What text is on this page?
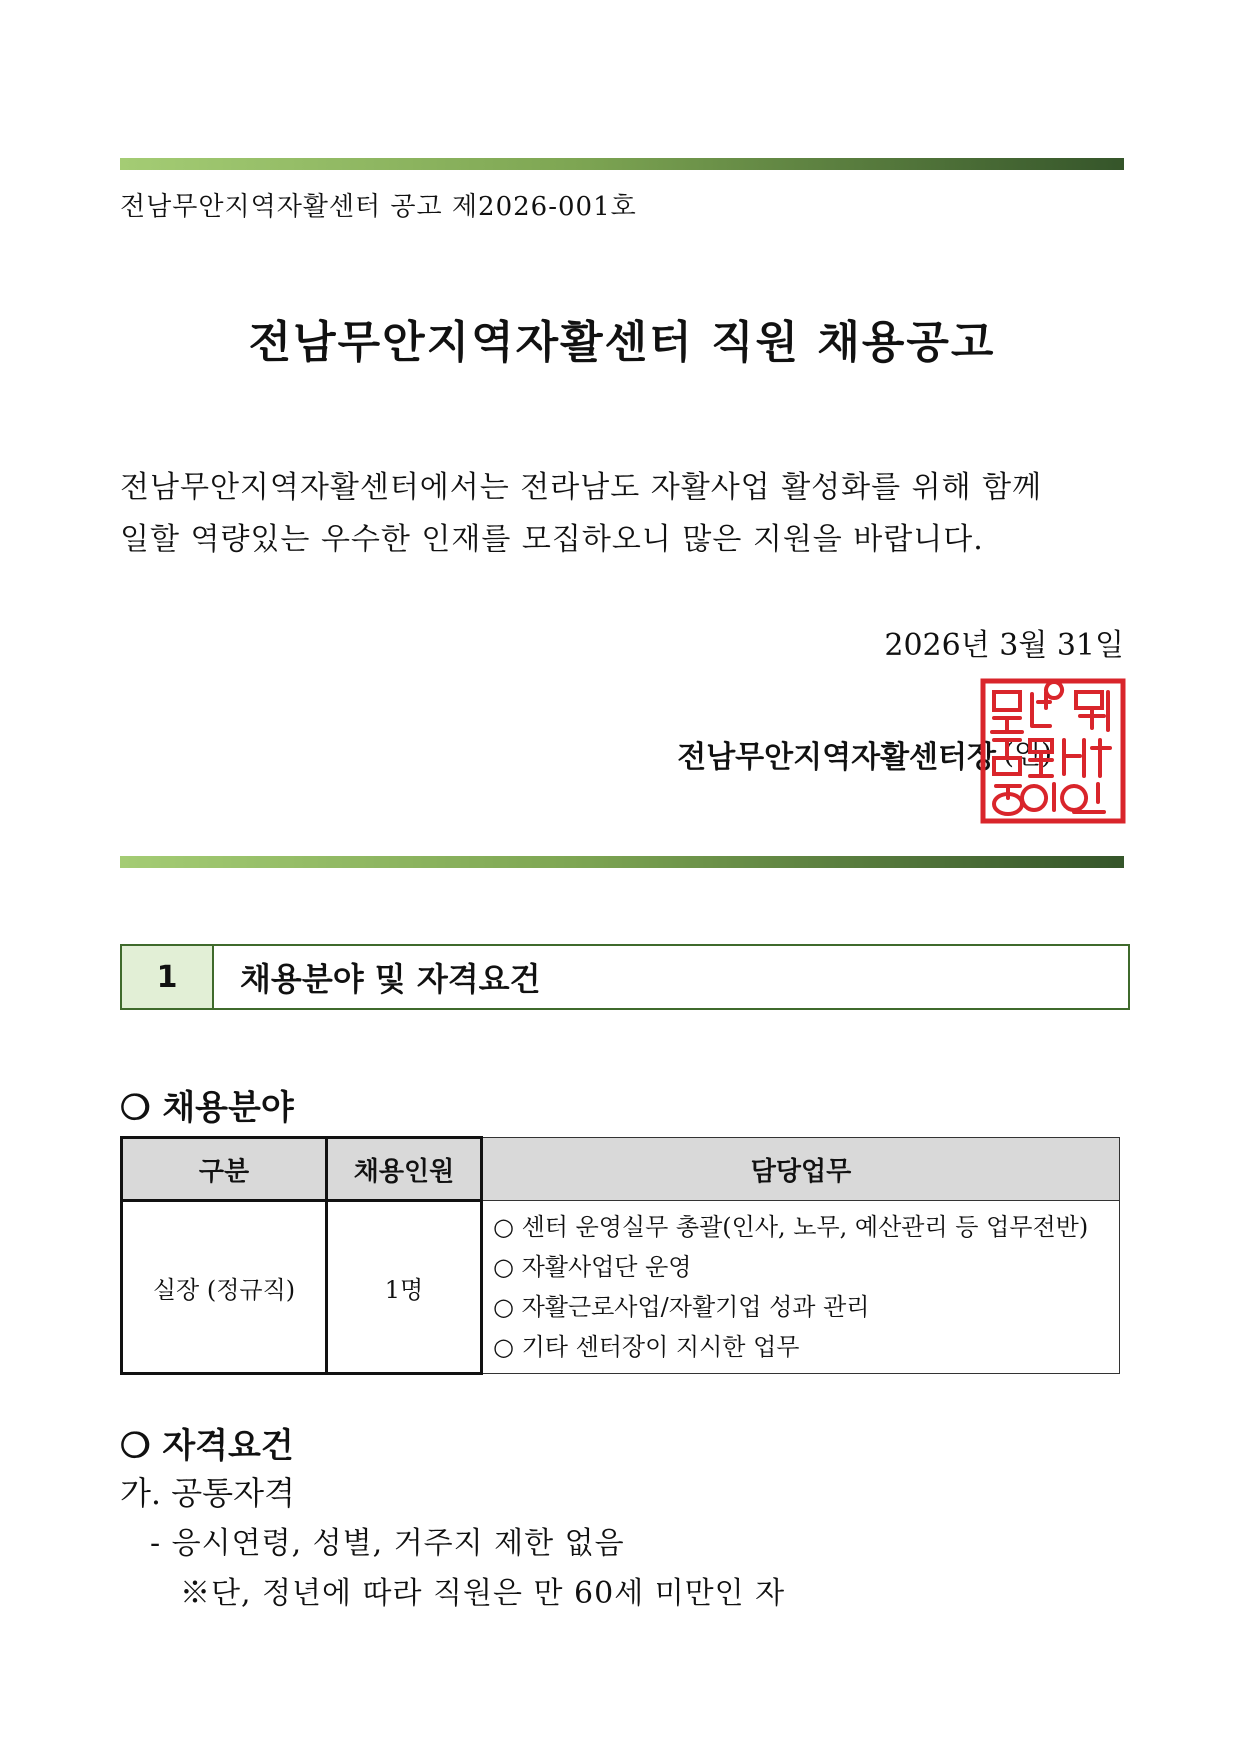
전남무안지역자활센터 공고 제2026-001호
전남무안지역자활센터 직원 채용공고
전남무안지역자활센터에서는 전라남도 자활사업 활성화를 위해 함께
일할 역량있는 우수한 인재를 모집하오니 많은 지원을 바랍니다.
2026년 3월 31일
전남무안지역자활센터장 (인)
1	채용분야 및 자격요건
❍ 채용분야
구분	채용인원	담당업무
실장 (정규직)	1명	○ 센터 운영실무 총괄(인사, 노무, 예산관리 등 업무전반)
○ 자활사업단 운영
○ 자활근로사업/자활기업 성과 관리
○ 기타 센터장이 지시한 업무
❍ 자격요건
가. 공통자격
- 응시연령, 성별, 거주지 제한 없음
※단, 정년에 따라 직원은 만 60세 미만인 자
